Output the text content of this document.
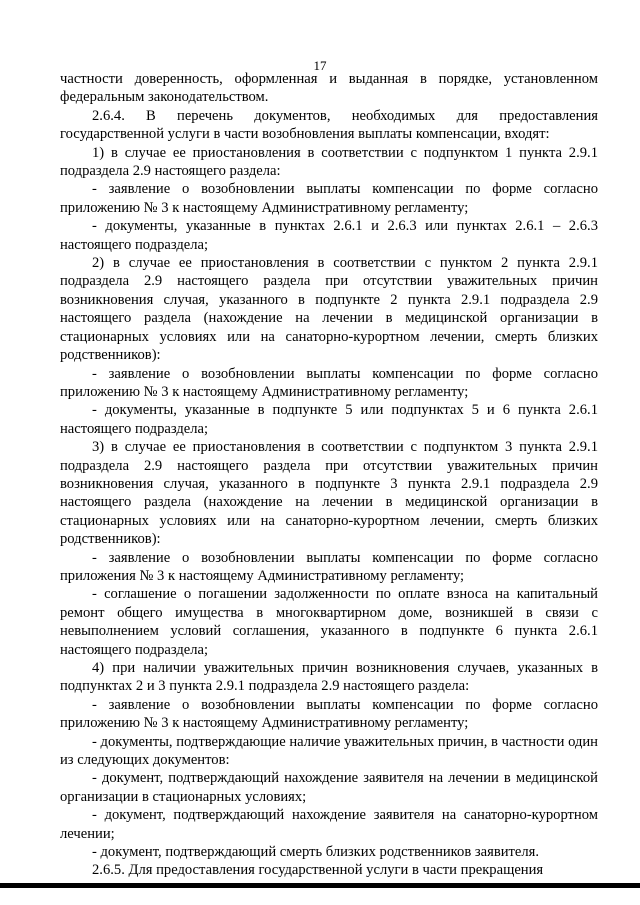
17

частности доверенность, оформленная и выданная в порядке, установленном федеральным законодательством.

2.6.4. В перечень документов, необходимых для предоставления государственной услуги в части возобновления выплаты компенсации, входят:

1) в случае ее приостановления в соответствии с подпунктом 1 пункта 2.9.1 подраздела 2.9 настоящего раздела:

- заявление о возобновлении выплаты компенсации по форме согласно приложению № 3 к настоящему Административному регламенту;

- документы, указанные в пунктах 2.6.1 и 2.6.3 или пунктах 2.6.1 – 2.6.3 настоящего подраздела;

2) в случае ее приостановления в соответствии с пунктом 2 пункта 2.9.1 подраздела 2.9 настоящего раздела при отсутствии уважительных причин возникновения случая, указанного в подпункте 2 пункта 2.9.1 подраздела 2.9 настоящего раздела (нахождение на лечении в медицинской организации в стационарных условиях или на санаторно-курортном лечении, смерть близких родственников):

- заявление о возобновлении выплаты компенсации по форме согласно приложению № 3 к настоящему Административному регламенту;

- документы, указанные в подпункте 5 или подпунктах 5 и 6 пункта 2.6.1 настоящего подраздела;

3) в случае ее приостановления в соответствии с подпунктом 3 пункта 2.9.1 подраздела 2.9 настоящего раздела при отсутствии уважительных причин возникновения случая, указанного в подпункте 3 пункта 2.9.1 подраздела 2.9 настоящего раздела (нахождение на лечении в медицинской организации в стационарных условиях или на санаторно-курортном лечении, смерть близких родственников):

- заявление о возобновлении выплаты компенсации по форме согласно приложения № 3 к настоящему Административному регламенту;

- соглашение о погашении задолженности по оплате взноса на капитальный ремонт общего имущества в многоквартирном доме, возникшей в связи с невыполнением условий соглашения, указанного в подпункте 6 пункта 2.6.1 настоящего подраздела;

4) при наличии уважительных причин возникновения случаев, указанных в подпунктах 2 и 3 пункта 2.9.1 подраздела 2.9 настоящего раздела:

- заявление о возобновлении выплаты компенсации по форме согласно приложению № 3 к настоящему Административному регламенту;

- документы, подтверждающие наличие уважительных причин, в частности один из следующих документов:

- документ, подтверждающий нахождение заявителя на лечении в медицинской организации в стационарных условиях;

- документ, подтверждающий нахождение заявителя на санаторно-курортном лечении;

- документ, подтверждающий смерть близких родственников заявителя.

2.6.5. Для предоставления государственной услуги в части прекращения
